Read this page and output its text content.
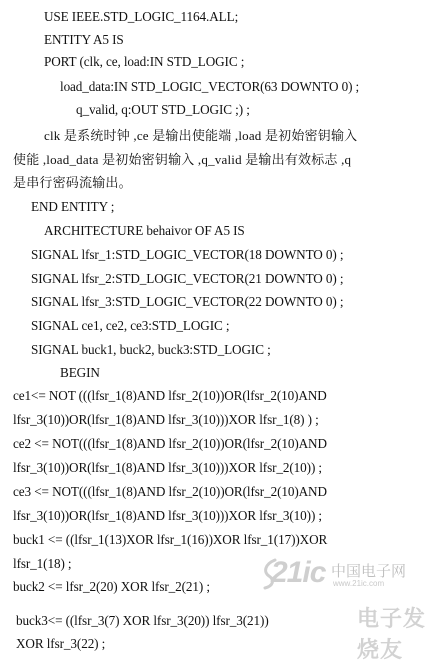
USE IEEE.STD_LOGIC_1164.ALL;
ENTITY A5 IS
PORT (clk, ce, load:IN STD_LOGIC ;
load_data:IN STD_LOGIC_VECTOR(63 DOWNTO 0) ;
q_valid, q:OUT STD_LOGIC ;) ;
clk 是系统时钟 ,ce 是输出使能端 ,load 是初始密钥输入
使能 ,load_data 是初始密钥输入 ,q_valid 是输出有效标志 ,q
是串行密码流输出。
END ENTITY ;
ARCHITECTURE behaivor OF A5 IS
SIGNAL lfsr_1:STD_LOGIC_VECTOR(18 DOWNTO 0) ;
SIGNAL lfsr_2:STD_LOGIC_VECTOR(21 DOWNTO 0) ;
SIGNAL lfsr_3:STD_LOGIC_VECTOR(22 DOWNTO 0) ;
SIGNAL ce1, ce2, ce3:STD_LOGIC ;
SIGNAL buck1, buck2, buck3:STD_LOGIC ;
BEGIN
ce1<= NOT (((lfsr_1(8)AND lfsr_2(10))OR(lfsr_2(10)AND
lfsr_3(10))OR(lfsr_1(8)AND lfsr_3(10)))XOR lfsr_1(8) ) ;
ce2 <= NOT(((lfsr_1(8)AND lfsr_2(10))OR(lfsr_2(10)AND
lfsr_3(10))OR(lfsr_1(8)AND lfsr_3(10)))XOR lfsr_2(10)) ;
ce3 <= NOT(((lfsr_1(8)AND lfsr_2(10))OR(lfsr_2(10)AND
lfsr_3(10))OR(lfsr_1(8)AND lfsr_3(10)))XOR lfsr_3(10)) ;
buck1 <= ((lfsr_1(13)XOR lfsr_1(16))XOR lfsr_1(17))XOR
lfsr_1(18) ;
buck2 <= lfsr_2(20) XOR lfsr_2(21) ;
buck3<= ((lfsr_3(7) XOR lfsr_3(20)) lfsr_3(21))
XOR lfsr_3(22) ;
21ic 中国电子网
www.21ic.com
电子发烧友
